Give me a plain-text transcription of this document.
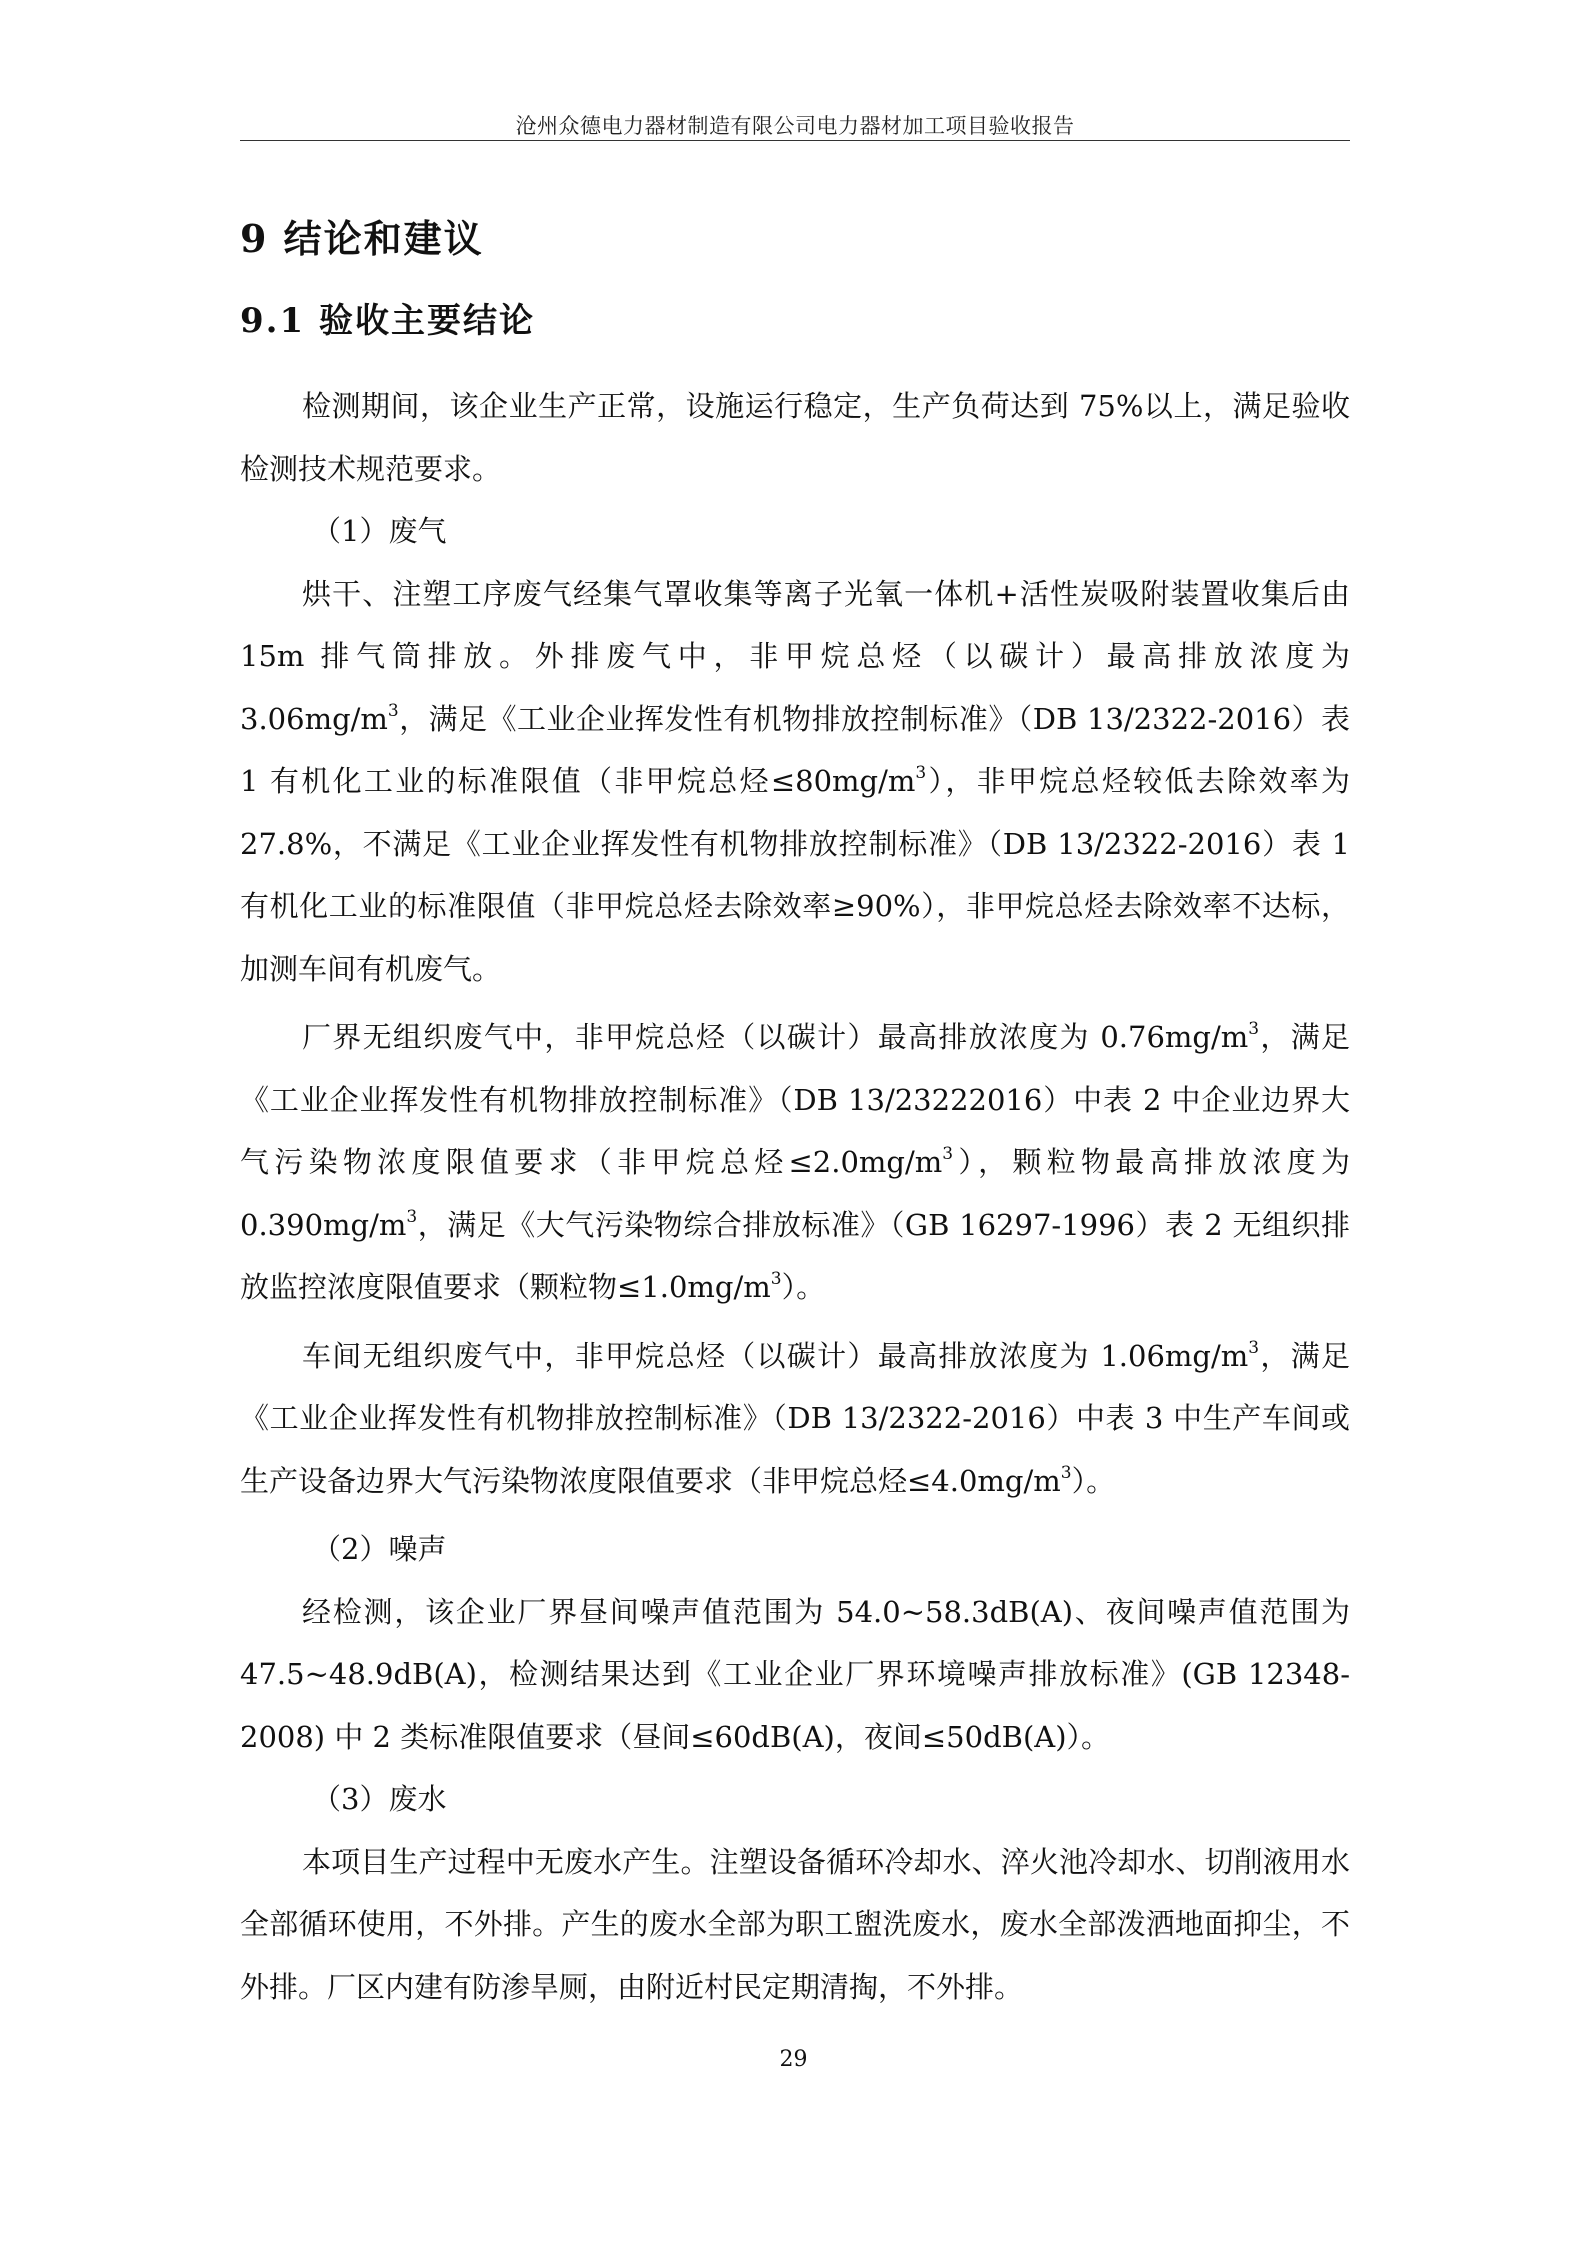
沧州众德电力器材制造有限公司电力器材加工项目验收报告
9 结论和建议
9.1 验收主要结论

检测期间，该企业生产正常，设施运行稳定，生产负荷达到 75%以上，满足验收检测技术规范要求。

（1）废气

烘干、注塑工序废气经集气罩收集等离子光氧一体机+活性炭吸附装置收集后由 15m 排气筒排放。外排废气中，非甲烷总烃（以碳计）最高排放浓度为 $3.06mg/m^3$，满足《工业企业挥发性有机物排放控制标准》（DB 13/2322-2016）表 1 有机化工业的标准限值（非甲烷总烃$\le 80mg/m^3$），非甲烷总烃较低去除效率为 27.8%，不满足《工业企业挥发性有机物排放控制标准》（DB 13/2322-2016）表 1 有机化工业的标准限值（非甲烷总烃去除效率≥90%），非甲烷总烃去除效率不达标，加测车间有机废气。

厂界无组织废气中，非甲烷总烃（以碳计）最高排放浓度为 $0.76mg/m^3$，满足《工业企业挥发性有机物排放控制标准》（DB 13/23222016）中表 2 中企业边界大气污染物浓度限值要求（非甲烷总烃$\le 2.0mg/m^3$），颗粒物最高排放浓度为 $0.390mg/m^3$，满足《大气污染物综合排放标准》（GB 16297-1996）表 2 无组织排放监控浓度限值要求（颗粒物$\le 1.0mg/m^3$）。

车间无组织废气中，非甲烷总烃（以碳计）最高排放浓度为 $1.06mg/m^3$，满足《工业企业挥发性有机物排放控制标准》（DB 13/2322-2016）中表 3 中生产车间或生产设备边界大气污染物浓度限值要求（非甲烷总烃$\le 4.0mg/m^3$）。

（2）噪声

经检测，该企业厂界昼间噪声值范围为 54.0~58.3dB(A)、夜间噪声值范围为 47.5~48.9dB(A)，检测结果达到《工业企业厂界环境噪声排放标准》(GB 12348-2008) 中 2 类标准限值要求（昼间≤60dB(A)，夜间≤50dB(A)）。

（3）废水

本项目生产过程中无废水产生。注塑设备循环冷却水、淬火池冷却水、切削液用水全部循环使用，不外排。产生的废水全部为职工盥洗废水，废水全部泼洒地面抑尘，不外排。厂区内建有防渗旱厕，由附近村民定期清掏，不外排。

29
